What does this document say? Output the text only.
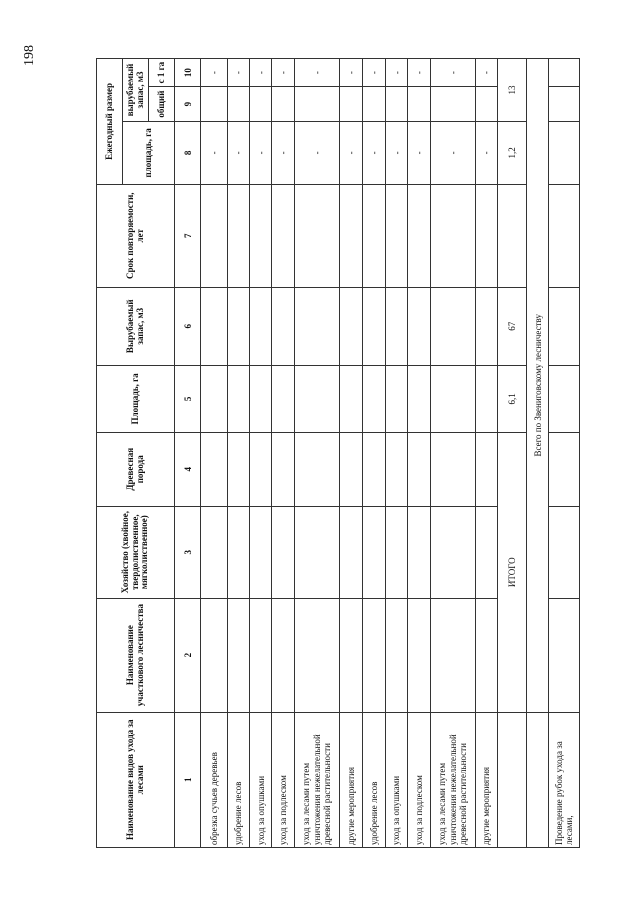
198
Наименование видов ухода за лесами	Наименование участкового лесничества	Хозяйство (хвойное, твердолиственное, мягколиственное)	Древесная порода	Площадь, га	Вырубаемый запас, м3	Срок повторяемости, лет	Ежегодный размер		
							площадь, га	вырубаемый запас, м3	
								общий	с 1 га
1	2	3	4	5	6	7	8	9	10
обрезка сучьев деревьев							-		-
удобрение лесов							-		-
уход за опушками							-		-
уход за подлеском							-		-
уход за лесами путем уничтожения нежелательной древесной растительности							-		-
другие мероприятия							-		-
удобрение лесов							-		-
уход за опушками							-		-
уход за подлеском							-		-
уход за лесами путем уничтожения нежелательной древесной растительности							-		-
другие мероприятия							-		-
	ИТОГО			6,1	67		1,2	13	
	Всего по Звениговскому лесничеству								
Проведение рубок ухода за лесами,									
